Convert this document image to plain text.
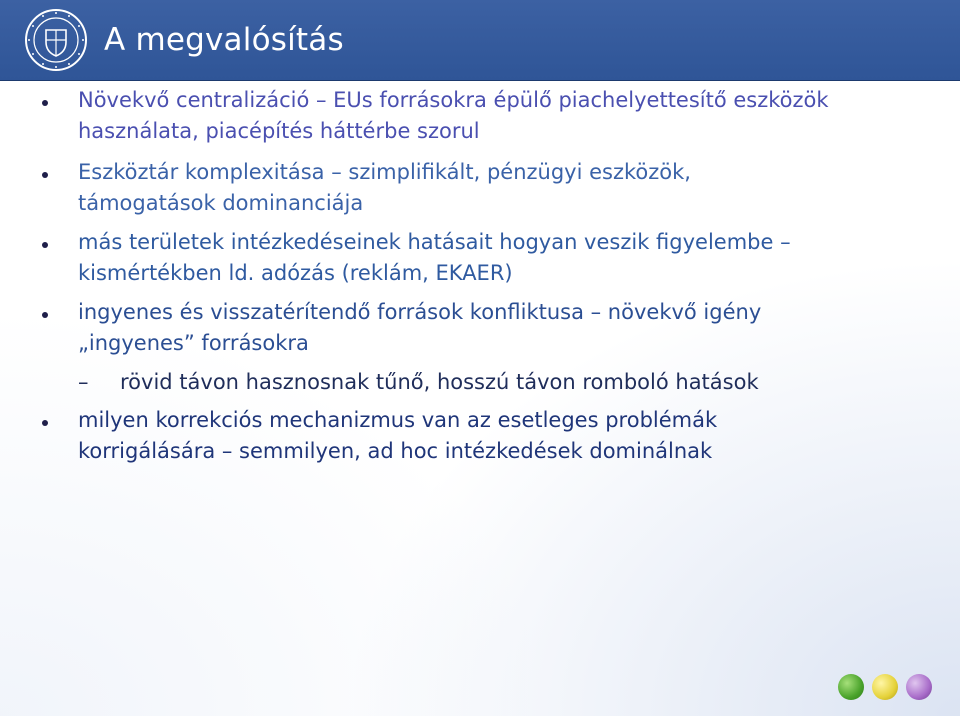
A megvalósítás
Növekvő centralizáció – EUs forrásokra épülő piachelyettesítő eszközök
használata, piacépítés háttérbe szorul
Eszköztár komplexitása – szimplifikált, pénzügyi eszközök,
támogatások dominanciája
más területek intézkedéseinek hatásait hogyan veszik figyelembe –
kismértékben ld. adózás (reklám, EKAER)
ingyenes és visszatérítendő források konfliktusa – növekvő igény
„ingyenes” forrásokra
– rövid távon hasznosnak tűnő, hosszú távon romboló hatások
milyen korrekciós mechanizmus van az esetleges problémák
korrigálására – semmilyen, ad hoc intézkedések dominálnak
